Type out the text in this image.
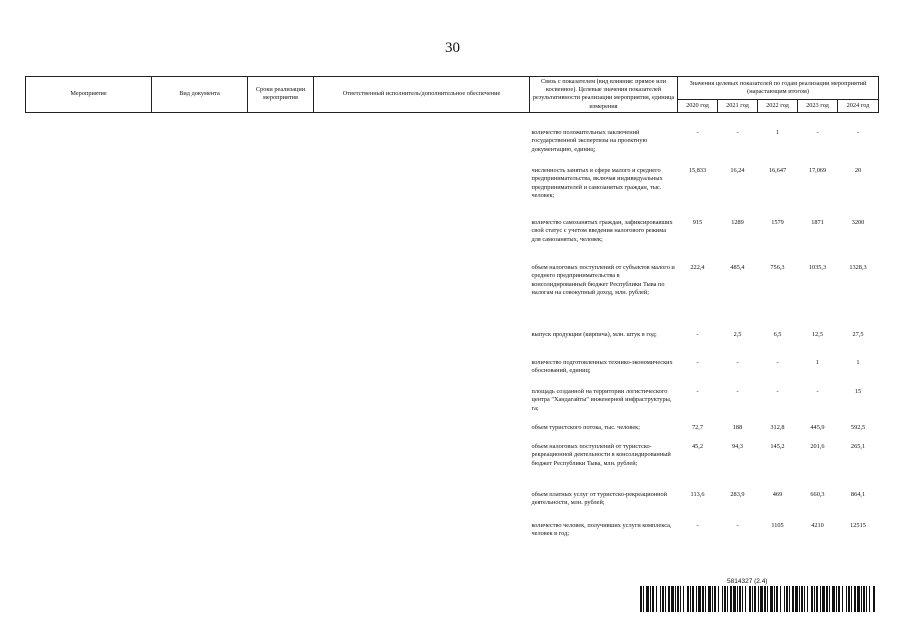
30
Мероприятие	Вид документа	Сроки реализации мероприятия	Ответственный исполнитель/дополнительное обеспечение	Связь с показателем (вид влияния: прямое или косвенное). Целевые значения показателей результативности реализации мероприятия, единица измерения	Значения целевых показателей по годам реализации мероприятий (нарастающим итогом)				
					2020 год	2021 год	2022 год	2023 год	2024 год

				количество положительных заключений государственной экспертизы на проектную документацию, единиц;	-	-	1	-	-
				численность занятых в сфере малого и среднего предпринимательства, включая индивидуальных предпринимателей и самозанятых граждан, тыс. человек;	15,833	16,24	16,647	17,069	20
				количество самозанятых граждан, зафиксировавших свой статус с учетом введения налогового режима для самозанятых, человек;	915	1289	1579	1871	3200
				объем налоговых поступлений от субъектов малого и среднего предпринимательства в консолидированный бюджет Республики Тыва по налогам на совокупный доход, млн. рублей;	222,4	485,4	756,3	1035,3	1328,3
				выпуск продукции (кирпича), млн. штук в год;	-	2,5	6,5	12,5	27,5
				количество подготовленных технико-экономических обоснований, единиц;	-	-	-	1	1
				площадь созданной на территории логистического центра "Хандагайты" инженерной инфраструктуры, га;	-	-	-	-	15
				объем туристского потока, тыс. человек;	72,7	188	312,8	445,9	592,5
				объем налоговых поступлений от туристско-рекреационной деятельности в консолидированный бюджет Республики Тыва, млн. рублей;	45,2	94,3	145,2	201,6	265,1
				объем платных услуг от туристско-рекреационной деятельности, млн. рублей;	113,6	283,9	469	660,3	864,1
				количество человек, получивших услуги комплекса, человек в год;	-	-	1105	4210	12515
5814327 (2.4)
